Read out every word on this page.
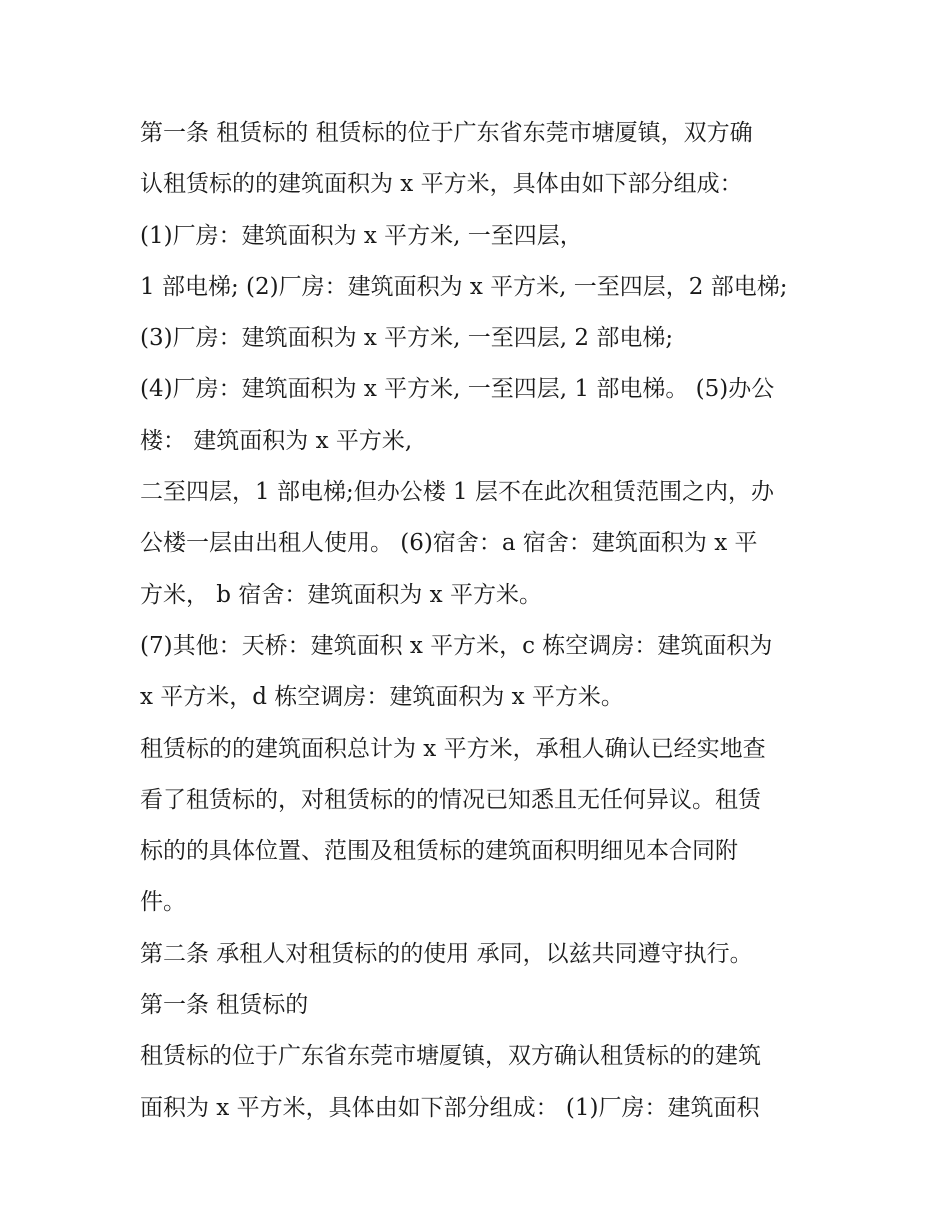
第一条 租赁标的 租赁标的位于广东省东莞市塘厦镇，双方确
认租赁标的的建筑面积为 x 平方米，具体由如下部分组成：
(1)厂房：建筑面积为 x 平方米, 一至四层，
1 部电梯; (2)厂房：建筑面积为 x 平方米, 一至四层，2 部电梯;
(3)厂房：建筑面积为 x 平方米, 一至四层, 2 部电梯;
(4)厂房：建筑面积为 x 平方米, 一至四层, 1 部电梯。 (5)办公
楼： 建筑面积为 x 平方米,
二至四层，1 部电梯;但办公楼 1 层不在此次租赁范围之内，办
公楼一层由出租人使用。 (6)宿舍：a 宿舍：建筑面积为 x 平
方米， b 宿舍：建筑面积为 x 平方米。
(7)其他：天桥：建筑面积 x 平方米，c 栋空调房：建筑面积为
x 平方米，d 栋空调房：建筑面积为 x 平方米。
租赁标的的建筑面积总计为 x 平方米，承租人确认已经实地查
看了租赁标的，对租赁标的的情况已知悉且无任何异议。租赁
标的的具体位置、范围及租赁标的建筑面积明细见本合同附
件。
第二条 承租人对租赁标的的使用 承同，以兹共同遵守执行。
第一条 租赁标的
租赁标的位于广东省东莞市塘厦镇，双方确认租赁标的的建筑
面积为 x 平方米，具体由如下部分组成： (1)厂房：建筑面积
